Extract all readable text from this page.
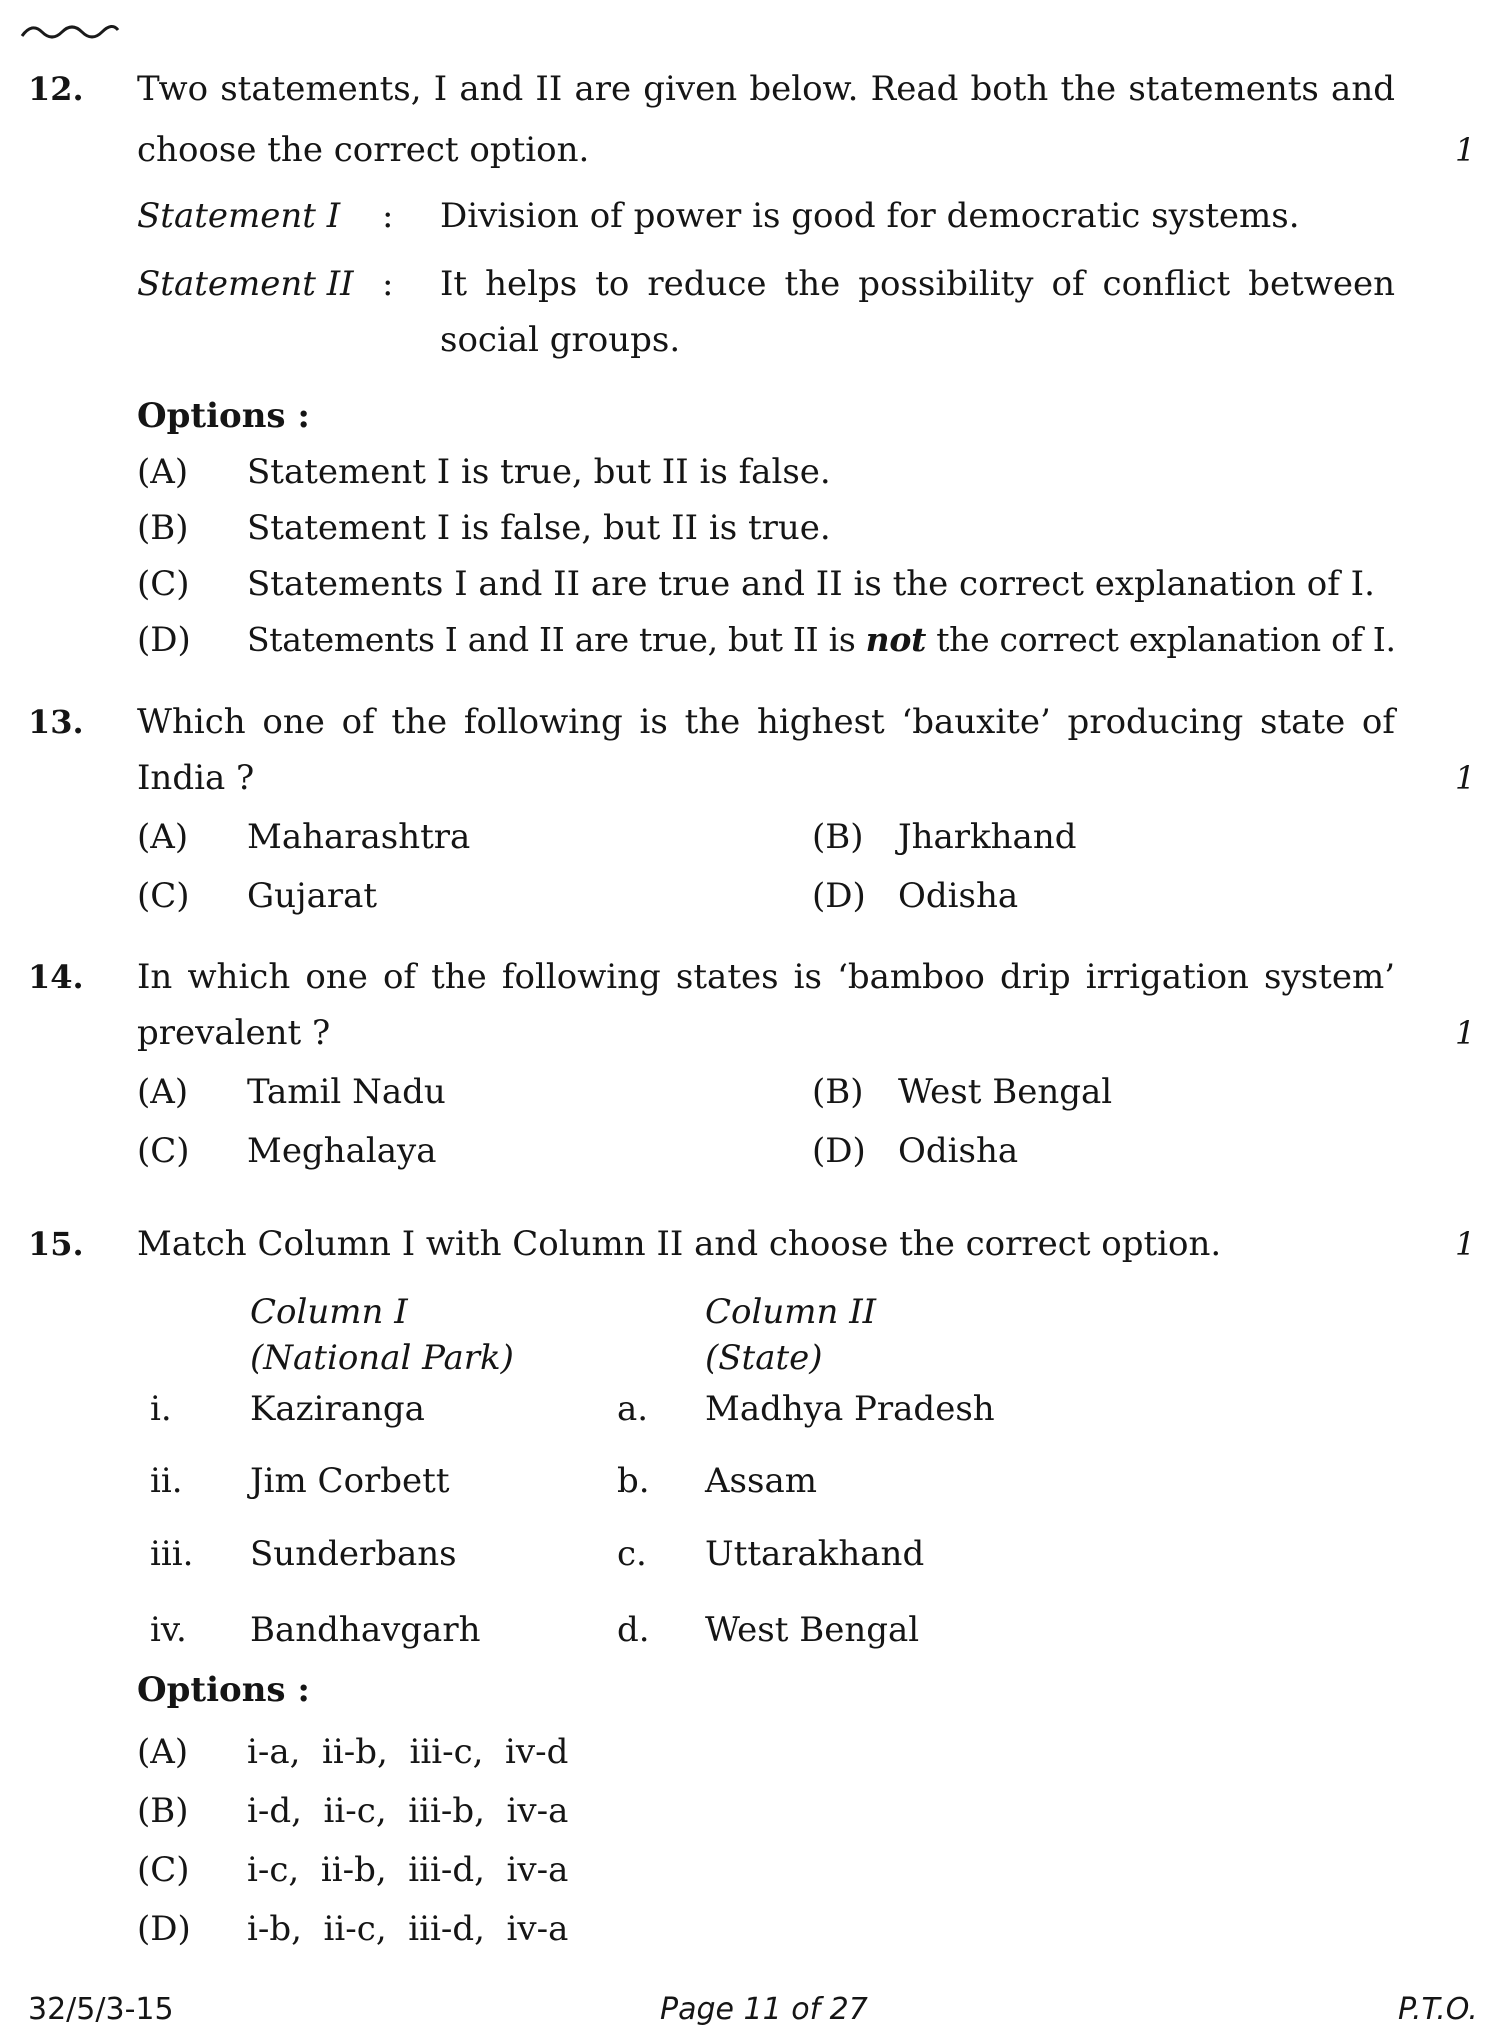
12. Two statements, I and II are given below. Read both the statements and
choose the correct option.	1
Statement I : Division of power is good for democratic systems.
Statement II : It helps to reduce the possibility of conflict between
social groups.
Options :
(A) Statement I is true, but II is false.
(B) Statement I is false, but II is true.
(C) Statements I and II are true and II is the correct explanation of I.
(D) Statements I and II are true, but II is not the correct explanation of I.
13. Which one of the following is the highest ‘bauxite’ producing state of
India ?	1
(A) Maharashtra	(B) Jharkhand
(C) Gujarat	(D) Odisha
14. In which one of the following states is ‘bamboo drip irrigation system’
prevalent ?	1
(A) Tamil Nadu	(B) West Bengal
(C) Meghalaya	(D) Odisha
15. Match Column I with Column II and choose the correct option.	1
Column I
(National Park)
Column II
(State)
i. Kaziranga	a. Madhya Pradesh
ii. Jim Corbett	b. Assam
iii. Sunderbans	c. Uttarakhand
iv. Bandhavgarh	d. West Bengal
Options :
(A) i-a,  ii-b,  iii-c,  iv-d
(B) i-d,  ii-c,  iii-b,  iv-a
(C) i-c,  ii-b,  iii-d,  iv-a
(D) i-b,  ii-c,  iii-d,  iv-a
32/5/3-15	Page 11 of 27	P.T.O.
